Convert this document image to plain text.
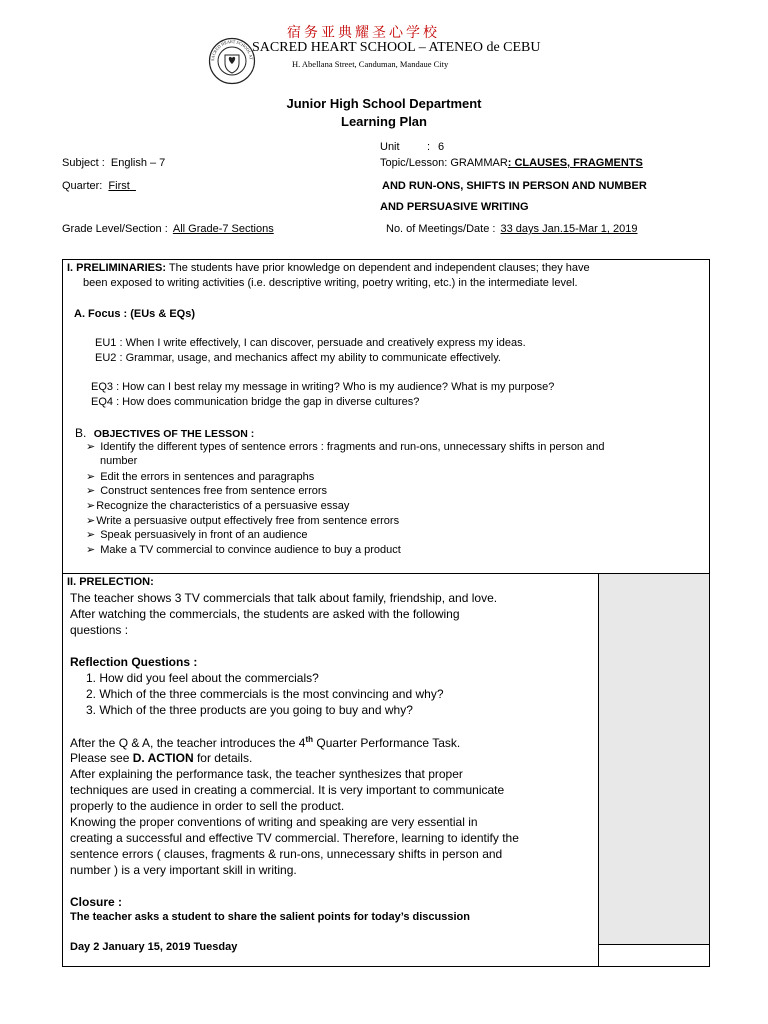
SACRED HEART SCHOOL AT
宿务亚典耀圣心学校
SACRED HEART SCHOOL – ATENEO de CEBU
H. Abellana Street, Canduman, Mandaue City
Junior High School Department
Learning Plan
Unit : 6
Subject : English – 7	Topic/Lesson: GRAMMAR: CLAUSES, FRAGMENTS
Quarter: First	AND RUN-ONS, SHIFTS IN PERSON AND NUMBER
AND PERSUASIVE WRITING
Grade Level/Section : All Grade-7 Sections	No. of Meetings/Date : 33 days Jan.15-Mar 1, 2019
I. PRELIMINARIES: The students have prior knowledge on dependent and independent clauses; they have
been exposed to writing activities (i.e. descriptive writing, poetry writing, etc.) in the intermediate level.
A. Focus : (EUs & EQs)
EU1 : When I write effectively, I can discover, persuade and creatively express my ideas.
EU2 : Grammar, usage, and mechanics affect my ability to communicate effectively.
EQ3 : How can I best relay my message in writing? Who is my audience? What is my purpose?
EQ4 : How does communication bridge the gap in diverse cultures?
B. OBJECTIVES OF THE LESSON :
➢ Identify the different types of sentence errors : fragments and run-ons, unnecessary shifts in person and
number
➢ Edit the errors in sentences and paragraphs
➢ Construct sentences free from sentence errors
➢ Recognize the characteristics of a persuasive essay
➢ Write a persuasive output effectively free from sentence errors
➢ Speak persuasively in front of an audience
➢ Make a TV commercial to convince audience to buy a product
II. PRELECTION:
The teacher shows 3 TV commercials that talk about family, friendship, and love.
After watching the commercials, the students are asked with the following
questions :
Reflection Questions :
1. How did you feel about the commercials?
2. Which of the three commercials is the most convincing and why?
3. Which of the three products are you going to buy and why?
After the Q & A, the teacher introduces the 4th Quarter Performance Task.
Please see D. ACTION for details.
After explaining the performance task, the teacher synthesizes that proper
techniques are used in creating a commercial. It is very important to communicate
properly to the audience in order to sell the product.
Knowing the proper conventions of writing and speaking are very essential in
creating a successful and effective TV commercial. Therefore, learning to identify the
sentence errors ( clauses, fragments & run-ons, unnecessary shifts in person and
number ) is a very important skill in writing.
Closure :
The teacher asks a student to share the salient points for today’s discussion
Day 2 January 15, 2019 Tuesday
